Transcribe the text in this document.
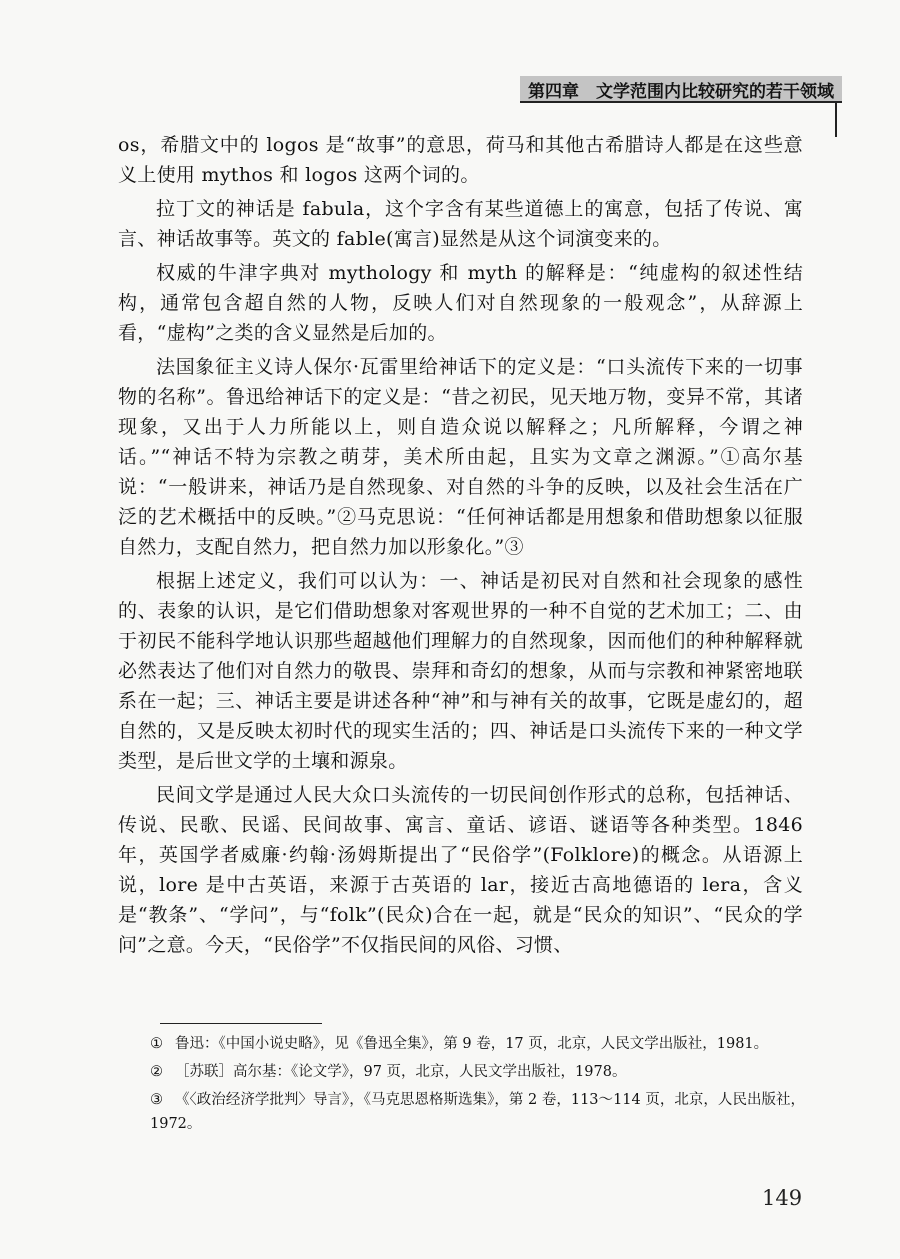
第四章　文学范围内比较研究的若干领域

os，希腊文中的 logos 是“故事”的意思，荷马和其他古希腊诗人都是在这些意义上使用 mythos 和 logos 这两个词的。

拉丁文的神话是 fabula，这个字含有某些道德上的寓意，包括了传说、寓言、神话故事等。英文的 fable(寓言)显然是从这个词演变来的。

权威的牛津字典对 mythology 和 myth 的解释是：“纯虚构的叙述性结构，通常包含超自然的人物，反映人们对自然现象的一般观念”，从辞源上看，“虚构”之类的含义显然是后加的。

法国象征主义诗人保尔·瓦雷里给神话下的定义是：“口头流传下来的一切事物的名称”。鲁迅给神话下的定义是：“昔之初民，见天地万物，变异不常，其诸现象，又出于人力所能以上，则自造众说以解释之；凡所解释，今谓之神话。”“神话不特为宗教之萌芽，美术所由起，且实为文章之渊源。”①高尔基说：“一般讲来，神话乃是自然现象、对自然的斗争的反映，以及社会生活在广泛的艺术概括中的反映。”②马克思说：“任何神话都是用想象和借助想象以征服自然力，支配自然力，把自然力加以形象化。”③

根据上述定义，我们可以认为：一、神话是初民对自然和社会现象的感性的、表象的认识，是它们借助想象对客观世界的一种不自觉的艺术加工；二、由于初民不能科学地认识那些超越他们理解力的自然现象，因而他们的种种解释就必然表达了他们对自然力的敬畏、崇拜和奇幻的想象，从而与宗教和神紧密地联系在一起；三、神话主要是讲述各种“神”和与神有关的故事，它既是虚幻的，超自然的，又是反映太初时代的现实生活的；四、神话是口头流传下来的一种文学类型，是后世文学的土壤和源泉。

民间文学是通过人民大众口头流传的一切民间创作形式的总称，包括神话、传说、民歌、民谣、民间故事、寓言、童话、谚语、谜语等各种类型。1846 年，英国学者威廉·约翰·汤姆斯提出了“民俗学”(Folklore)的概念。从语源上说，lore 是中古英语，来源于古英语的 lar，接近古高地德语的 lera，含义是“教条”、“学问”，与“folk”(民众)合在一起，就是“民众的知识”、“民众的学问”之意。今天，“民俗学”不仅指民间的风俗、习惯、

① 鲁迅：《中国小说史略》，见《鲁迅全集》，第 9 卷，17 页，北京，人民文学出版社，1981。

② ［苏联］高尔基：《论文学》，97 页，北京，人民文学出版社，1978。

③ 《〈政治经济学批判〉导言》，《马克思恩格斯选集》，第 2 卷，113～114 页，北京，人民出版社，1972。

149
